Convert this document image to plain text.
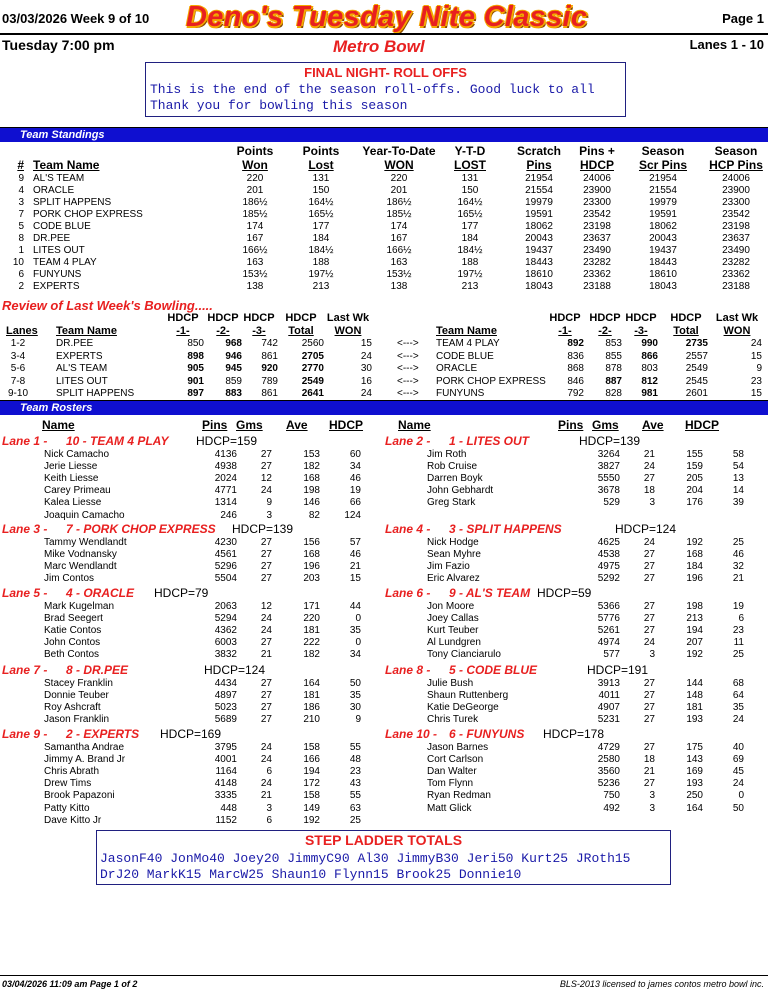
03/03/2026 Week 9 of 10 Deno's Tuesday Nite Classic	Page 1
Tuesday 7:00 pm	Metro Bowl	Lanes 1 - 10
FINAL NIGHT- ROLL OFFS
This is the end of the season roll-offs. Good luck to all
Thank you for bowling this season
Team Standings
# Team Name
Points
Won
Points
Lost
Year-To-Date
WON
Y-T-D
LOST
Scratch
Pins
Pins +
HDCP
Season
Scr Pins
Season
HCP Pins
9 AL'S TEAM	220	131	220	131	21954	24006	21954	24006
4 ORACLE	201	150	201	150	21554	23900	21554	23900
3 SPLIT HAPPENS	186½	164½	186½	164½	19979	23300	19979	23300
7 PORK CHOP EXPRESS	185½	165½	185½	165½	19591	23542	19591	23542
5 CODE BLUE	174	177	174	177	18062	23198	18062	23198
8 DR.PEE	167	184	167	184	20043	23637	20043	23637
1 LITES OUT	166½	184½	166½	184½	19437	23490	19437	23490
10 TEAM 4 PLAY	163	188	163	188	18443	23282	18443	23282
6 FUNYUNS	153½	197½	153½	197½	18610	23362	18610	23362
2 EXPERTS	138	213	138	213	18043	23188	18043	23188
Review of Last Week's Bowling.....
Lanes Team Name
HDCP
-1-
HDCP
-2-
HDCP
-3-
HDCP
Total
Last Wk
WON	Team Name
HDCP
-1-
HDCP
-2-
HDCP
-3-
HDCP
Total
Last Wk
WON
1-2	DR.PEE	850	968	742	2560	15	<---> TEAM 4 PLAY	892	853	990	2735	24
3-4	EXPERTS	898	946	861	2705	24	<---> CODE BLUE	836	855	866	2557	15
5-6	AL'S TEAM	905	945	920	2770	30	<---> ORACLE	868	878	803	2549	9
7-8	LITES OUT	901	859	789	2549	16	<---> PORK CHOP EXPRESS	846	887	812	2545	23
9-10	SPLIT HAPPENS	897	883	861	2641	24	<---> FUNYUNS	792	828	981	2601	15
Team Rosters
Name	Pins Gms Ave HDCP	Name	Pins Gms Ave HDCP
Lane 1 - 10 - TEAM 4 PLAY HDCP=159
Nick Camacho	4136	27	153	60
Jerie Liesse	4938	27	182	34
Keith Liesse	2024	12	168	46
Carey Primeau	4771	24	198	19
Kalea Liesse	1314	9	146	66
Joaquin Camacho	246	3	82	124
Lane 3 - 7 - PORK CHOP EXPRESS HDCP=139
Tammy Wendlandt	4230	27	156	57
Mike Vodnansky	4561	27	168	46
Marc Wendlandt	5296	27	196	21
Jim Contos	5504	27	203	15
Lane 5 - 4 - ORACLE HDCP=79
Mark Kugelman	2063	12	171	44
Brad Seegert	5294	24	220	0
Katie Contos	4362	24	181	35
John Contos	6003	27	222	0
Beth Contos	3832	21	182	34
Lane 7 - 8 - DR.PEE	HDCP=124
Stacey Franklin	4434	27	164	50
Donnie Teuber	4897	27	181	35
Roy Ashcraft	5023	27	186	30
Jason Franklin	5689	27	210	9
Lane 9 - 2 - EXPERTS HDCP=169
Samantha Andrae	3795	24	158	55
Jimmy A. Brand Jr	4001	24	166	48
Chris Abrath	1164	6	194	23
Drew Tims	4148	24	172	43
Brook Papazoni	3335	21	158	55
Patty Kitto	448	3	149	63
Dave Kitto Jr	1152	6	192	25
Lane 2 - 1 - LITES OUT	HDCP=139
Jim Roth	3264	21	155	58
Rob Cruise	3827	24	159	54
Darren Boyk	5550	27	205	13
John Gebhardt	3678	18	204	14
Greg Stark	529	3	176	39
Lane 4 - 3 - SPLIT HAPPENS	HDCP=124
Nick Hodge	4625	24	192	25
Sean Myhre	4538	27	168	46
Jim Fazio	4975	27	184	32
Eric Alvarez	5292	27	196	21
Lane 6 - 9 - AL'S TEAM HDCP=59
Jon Moore	5366	27	198	19
Joey Callas	5776	27	213	6
Kurt Teuber	5261	27	194	23
Al Lundgren	4974	24	207	11
Tony Cianciarulo	577	3	192	25
Lane 8 - 5 - CODE BLUE	HDCP=191
Julie Bush	3913	27	144	68
Shaun Ruttenberg	4011	27	148	64
Katie DeGeorge	4907	27	181	35
Chris Turek	5231	27	193	24
Lane 10 - 6 - FUNYUNS HDCP=178
Jason Barnes	4729	27	175	40
Cort Carlson	2580	18	143	69
Dan Walter	3560	21	169	45
Tom Flynn	5236	27	193	24
Ryan Redman	750	3	250	0
Matt Glick	492	3	164	50
STEP LADDER TOTALS
JasonF40 JonMo40 Joey20 JimmyC90 Al30 JimmyB30 Jeri50 Kurt25 JRoth15
DrJ20 MarkK15 MarcW25 Shaun10 Flynn15 Brook25 Donnie10
03/04/2026 11:09 am Page 1 of 2	BLS-2013 licensed to james contos metro bowl inc.
